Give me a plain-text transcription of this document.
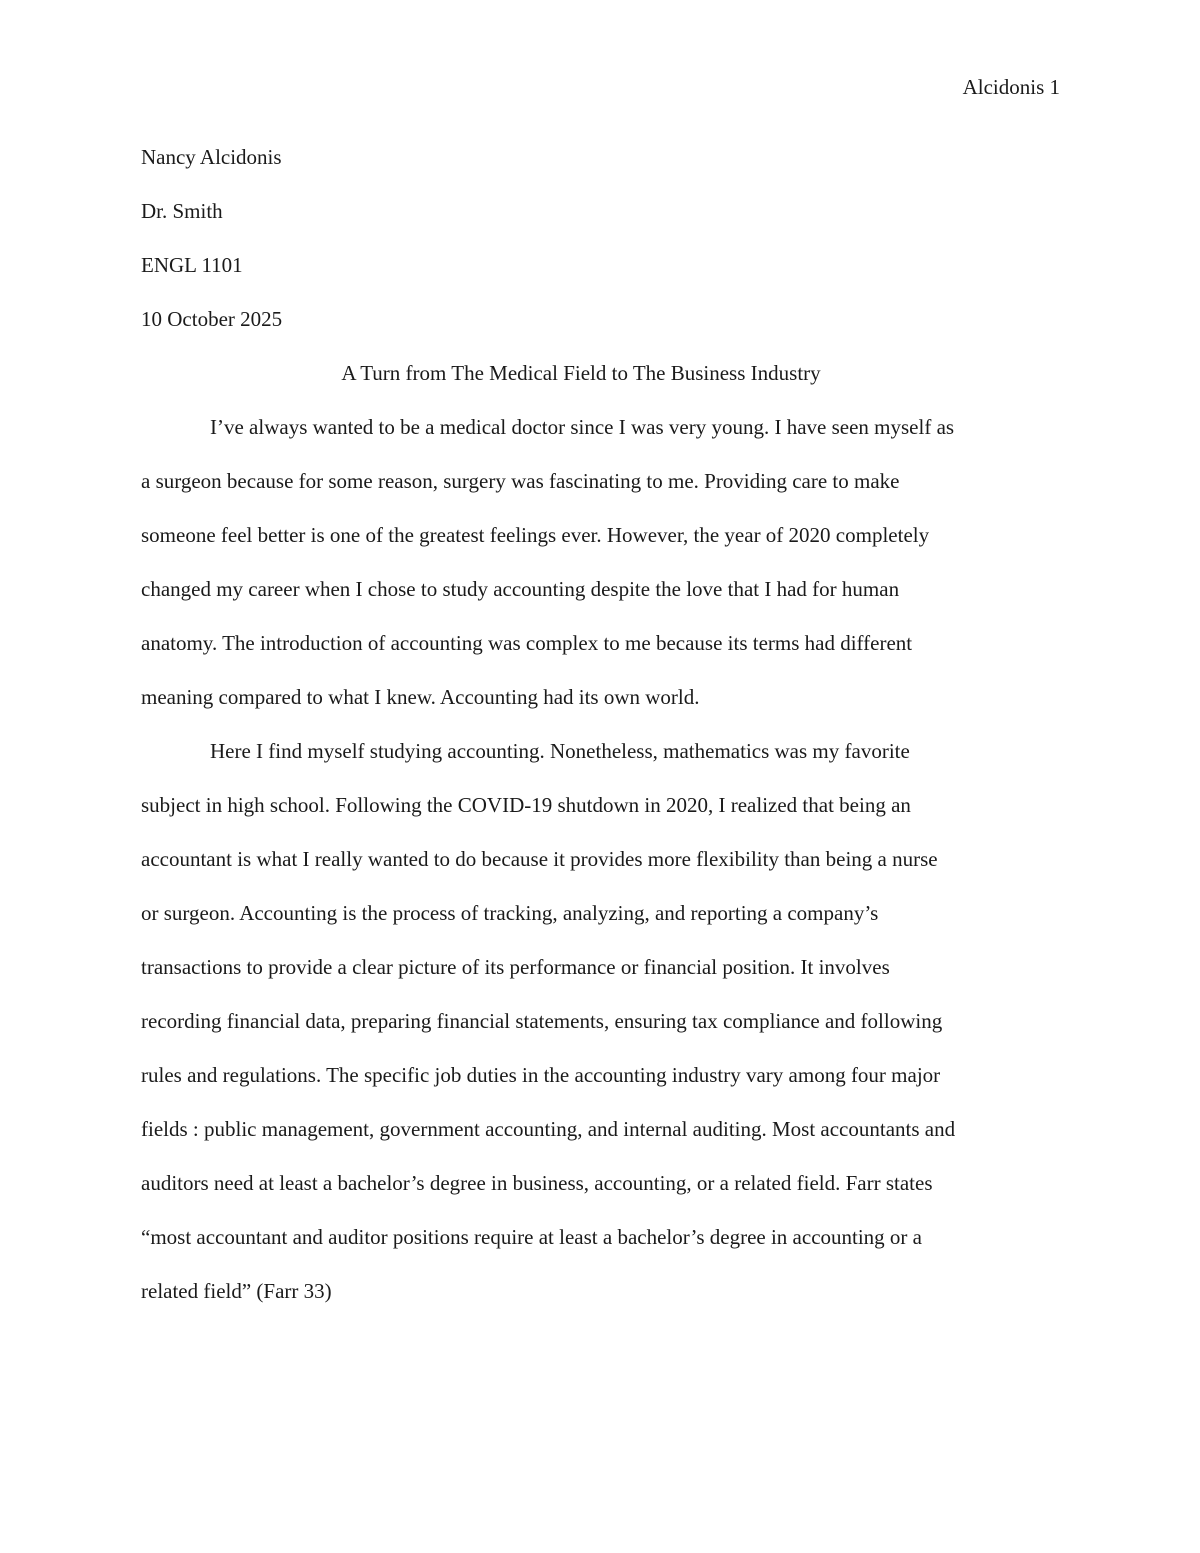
Alcidonis 1
Nancy Alcidonis
Dr. Smith
ENGL 1101
10 October 2025
A Turn from The Medical Field to The Business Industry
I’ve always wanted to be a medical doctor since I was very young. I have seen myself as
a surgeon because for some reason, surgery was fascinating to me. Providing care to make
someone feel better is one of the greatest feelings ever. However, the year of 2020 completely
changed my career when I chose to study accounting despite the love that I had for human
anatomy. The introduction of accounting was complex to me because its terms had different
meaning compared to what I knew. Accounting had its own world.
Here I find myself studying accounting. Nonetheless, mathematics was my favorite
subject in high school. Following the COVID-19 shutdown in 2020, I realized that being an
accountant is what I really wanted to do because it provides more flexibility than being a nurse
or surgeon. Accounting is the process of tracking, analyzing, and reporting a company’s
transactions to provide a clear picture of its performance or financial position. It involves
recording financial data, preparing financial statements, ensuring tax compliance and following
rules and regulations. The specific job duties in the accounting industry vary among four major
fields : public management, government accounting, and internal auditing. Most accountants and
auditors need at least a bachelor’s degree in business, accounting, or a related field. Farr states
“most accountant and auditor positions require at least a bachelor’s degree in accounting or a
related field” (Farr 33)
